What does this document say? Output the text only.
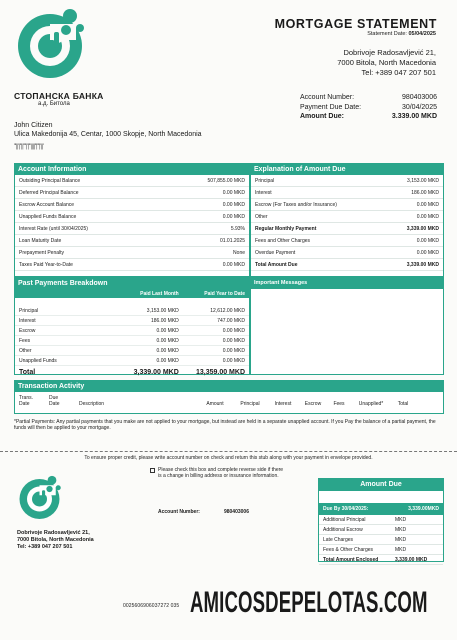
СТОПАНСКА БАНКА
а.д. Битола
MORTGAGE STATEMENT
Statement Date: 05/04/2025
Dobrivoje Radosavljević 21,
7000 Bitola, North Macedonia
Tel: +389 047 207 501
Account Number:	980403006
Payment Due Date:	30/04/2025
Amount Due:	3.339.00 MKD
John Citizen
Ulica Makedonija 45, Centar, 1000 Skopje, North Macedonia
'''||'|''||''''|'|'''||||''|'''|'||'
Account Information
Outsiding Principal Balance	507,855.00 MKD
Deferred Principal Balance	0.00 MKD
Escrow Account Balance	0.00 MKD
Unapplied Funds Balance	0.00 MKD
Interest Rate (until 30/04/2025)	5.93%
Loan Maturity Date	01.01.2025
Prepayment Penalty	None
Taxes Paid Year-to-Date	0.00 MKD
Explanation of Amount Due
Principal	3,153.00 MKD
Interest	186.00 MKD
Escrow (For Taxes and/or Insurance)	0.00 MKD
Other	0.00 MKD
Regular Monthly Payment	3,339.00 MKD
Fees and Other Charges	0.00 MKD
Overdue Payment	0.00 MKD
Total Amount Due	3,339.00 MKD
Past Payments Breakdown
Paid Last Month	Paid Year to Date
Principal	3,153.00 MKD	12,612.00 MKD
Interest	186.00 MKD	747.00 MKD
Escrow	0.00 MKD	0.00 MKD
Fees	0.00 MKD	0.00 MKD
Other	0.00 MKD	0.00 MKD
Unapplied Funds	0.00 MKD	0.00 MKD
Total	3,339.00 MKD	13,359.00 MKD
Important Messages
Transaction Activity
Trans.
Date
Due
Date	Description	Amount	Principal	Interest	Escrow	Fees	Unapplied*	Total
*Partial Payments: Any partial payments that you make are not applied to your mortgage, but instead are held in a separate unapplied account. If you Pay the balance of a partial payment, the funds will then be applied to your mortgage.
To ensure proper credit, please write account number on check and return this stub along with your payment in envelope provided.
Please check this box and complete reverse side if there
is a change in billing address or insurance information.
Account Number:	980403006
Dobrivoje Radosavljević 21,
7000 Bitola, North Macedonia
Tel: +389 047 207 501
Amount Due
Due By 30/04/2025:	3,339.00MKD
Additional Principal	MKD
Additional Escrow	MKD
Late Charges	MKD
Fees & Other Charges	MKD
Total Amount Enclosed	3,339.00 MKD
0025606906037272 035 AMICOSDEPELOTAS.COM
